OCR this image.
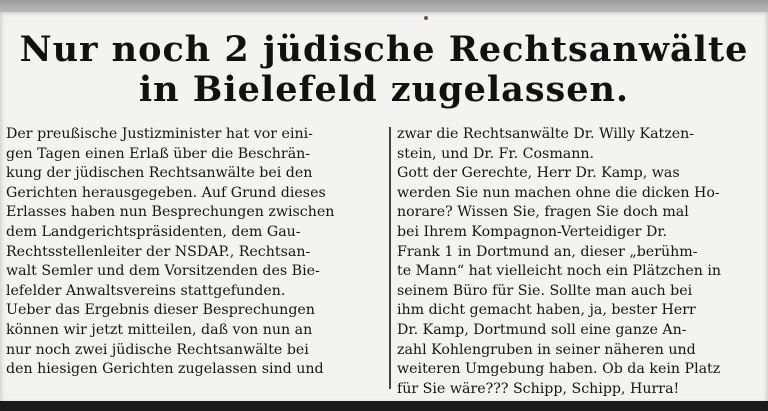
Nur noch 2 jüdische Rechtsanwälte
in Bielefeld zugelassen.
Der preußische Justizminister hat vor eini-
gen Tagen einen Erlaß über die Beschrän-
kung der jüdischen Rechtsanwälte bei den
Gerichten herausgegeben. Auf Grund dieses
Erlasses haben nun Besprechungen zwischen
dem Landgerichtspräsidenten, dem Gau-
Rechtsstellenleiter der NSDAP., Rechtsan-
walt Semler und dem Vorsitzenden des Bie-
lefelder Anwaltsvereins stattgefunden.
Ueber das Ergebnis dieser Besprechungen
können wir jetzt mitteilen, daß von nun an
nur noch zwei jüdische Rechtsanwälte bei
den hiesigen Gerichten zugelassen sind und
zwar die Rechtsanwälte Dr. Willy Katzen-
stein, und Dr. Fr. Cosmann.
Gott der Gerechte, Herr Dr. Kamp, was
werden Sie nun machen ohne die dicken Ho-
norare? Wissen Sie, fragen Sie doch mal
bei Ihrem Kompagnon-Verteidiger Dr.
Frank 1 in Dortmund an, dieser „berühm-
te Mann“ hat vielleicht noch ein Plätzchen in
seinem Büro für Sie. Sollte man auch bei
ihm dicht gemacht haben, ja, bester Herr
Dr. Kamp, Dortmund soll eine ganze An-
zahl Kohlengruben in seiner näheren und
weiteren Umgebung haben. Ob da kein Platz
für Sie wäre??? Schipp, Schipp, Hurra!
